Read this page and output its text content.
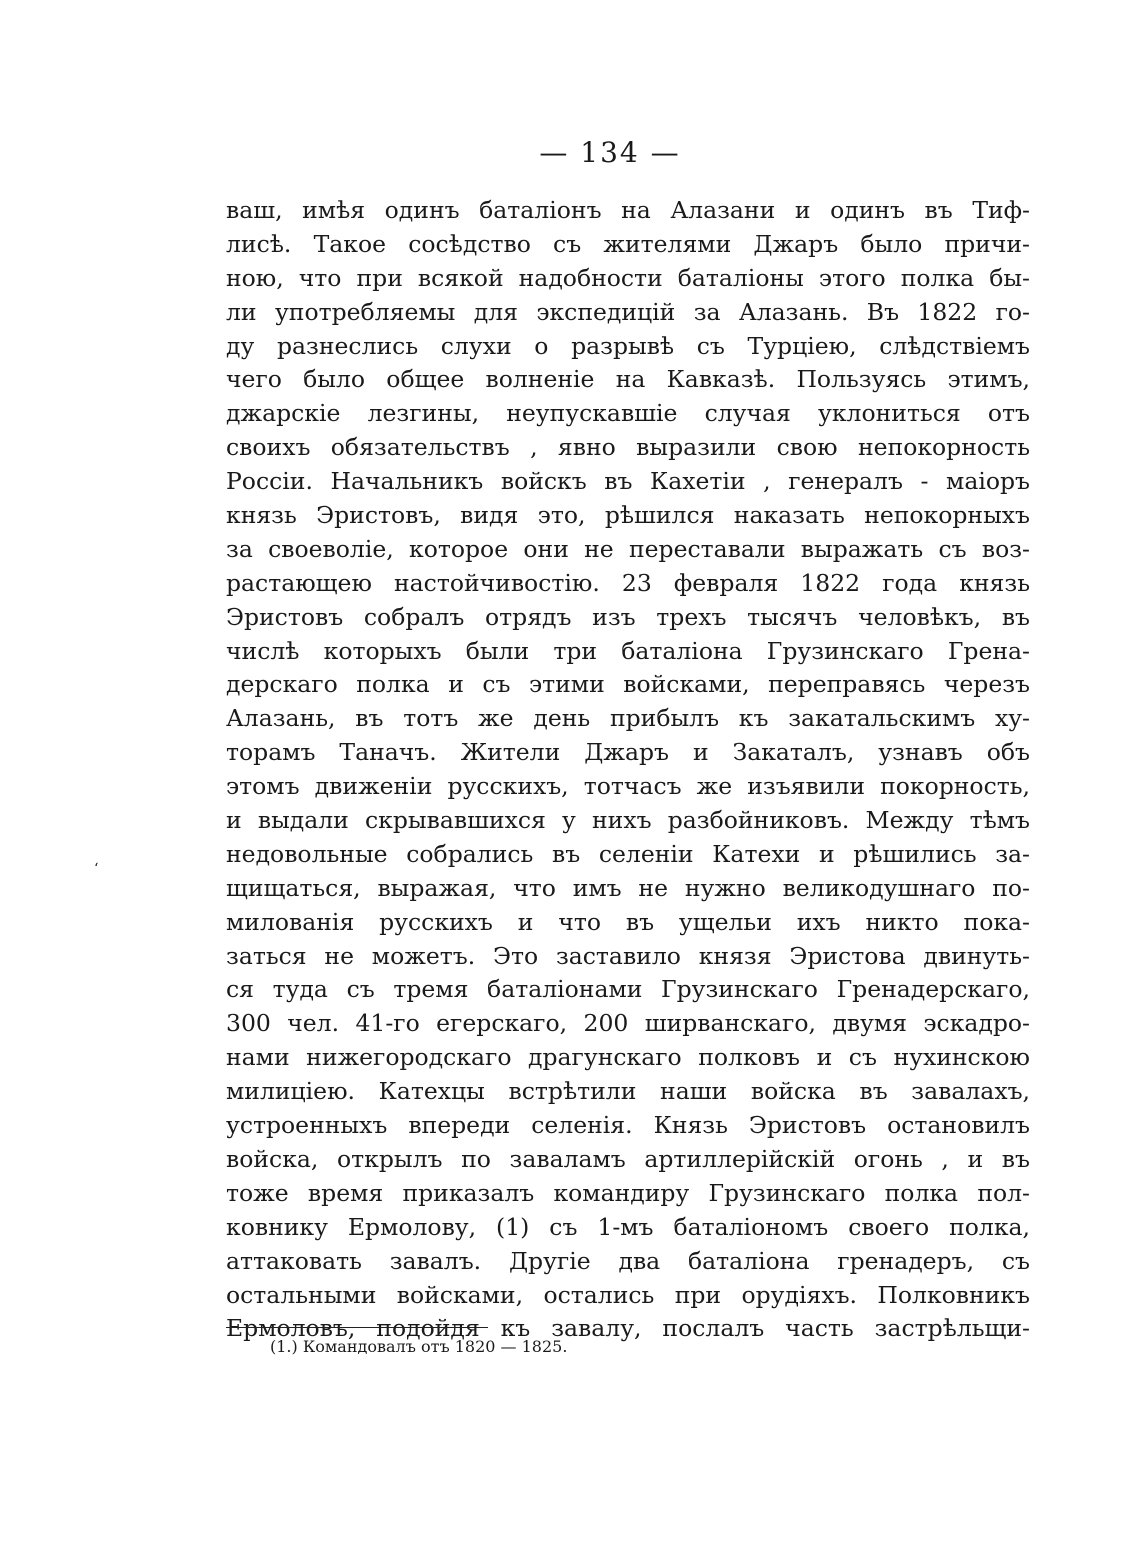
— 134 —
ваш, имѣя одинъ баталіонъ на Алазани и одинъ въ Тиф-
лисѣ. Такое сосѣдство съ жителями Джаръ было причи-
ною, что при всякой надобности баталіоны этого полка бы-
ли употребляемы для экспедицій за Алазань. Въ 1822 го-
ду разнеслись слухи о разрывѣ съ Турціею, слѣдствіемъ
чего было общее волненіе на Кавказѣ. Пользуясь этимъ,
джарскіе лезгины, неупускавшіе случая уклониться отъ
своихъ обязательствъ , явно выразили свою непокорность
Россіи. Начальникъ войскъ въ Кахетіи , генералъ - маіоръ
князь Эристовъ, видя это, рѣшился наказать непокорныхъ
за своеволіе, которое они не переставали выражать съ воз-
растающею настойчивостію. 23 февраля 1822 года князь
Эристовъ собралъ отрядъ изъ трехъ тысячъ человѣкъ, въ
числѣ которыхъ были три баталіона Грузинскаго Грена-
дерскаго полка и съ этими войсками, переправясь черезъ
Алазань, въ тотъ же день прибылъ къ закатальскимъ ху-
торамъ Таначъ. Жители Джаръ и Закаталъ, узнавъ объ
этомъ движеніи русскихъ, тотчасъ же изъявили покорность,
и выдали скрывавшихся у нихъ разбойниковъ. Между тѣмъ
недовольные собрались въ селеніи Катехи и рѣшились за-
щищаться, выражая, что имъ не нужно великодушнаго по-
милованія русскихъ и что въ ущельи ихъ никто пока-
заться не можетъ. Это заставило князя Эристова двинуть-
ся туда съ тремя баталіонами Грузинскаго Гренадерскаго,
300 чел. 41-го егерскаго, 200 ширванскаго, двумя эскадро-
нами нижегородскаго драгунскаго полковъ и съ нухинскою
милиціею. Катехцы встрѣтили наши войска въ завалахъ,
устроенныхъ впереди селенія. Князь Эристовъ остановилъ
войска, открылъ по заваламъ артиллерійскій огонь , и въ
тоже время приказалъ командиру Грузинскаго полка пол-
ковнику Ермолову, (1) съ 1-мъ баталіономъ своего полка,
аттаковать завалъ. Другіе два баталіона гренадеръ, съ
остальными войсками, остались при орудіяхъ. Полковникъ
Ермоловъ, подойдя къ завалу, послалъ часть застрѣльщи-
‘
(1.) Командовалъ отъ 1820 — 1825.
